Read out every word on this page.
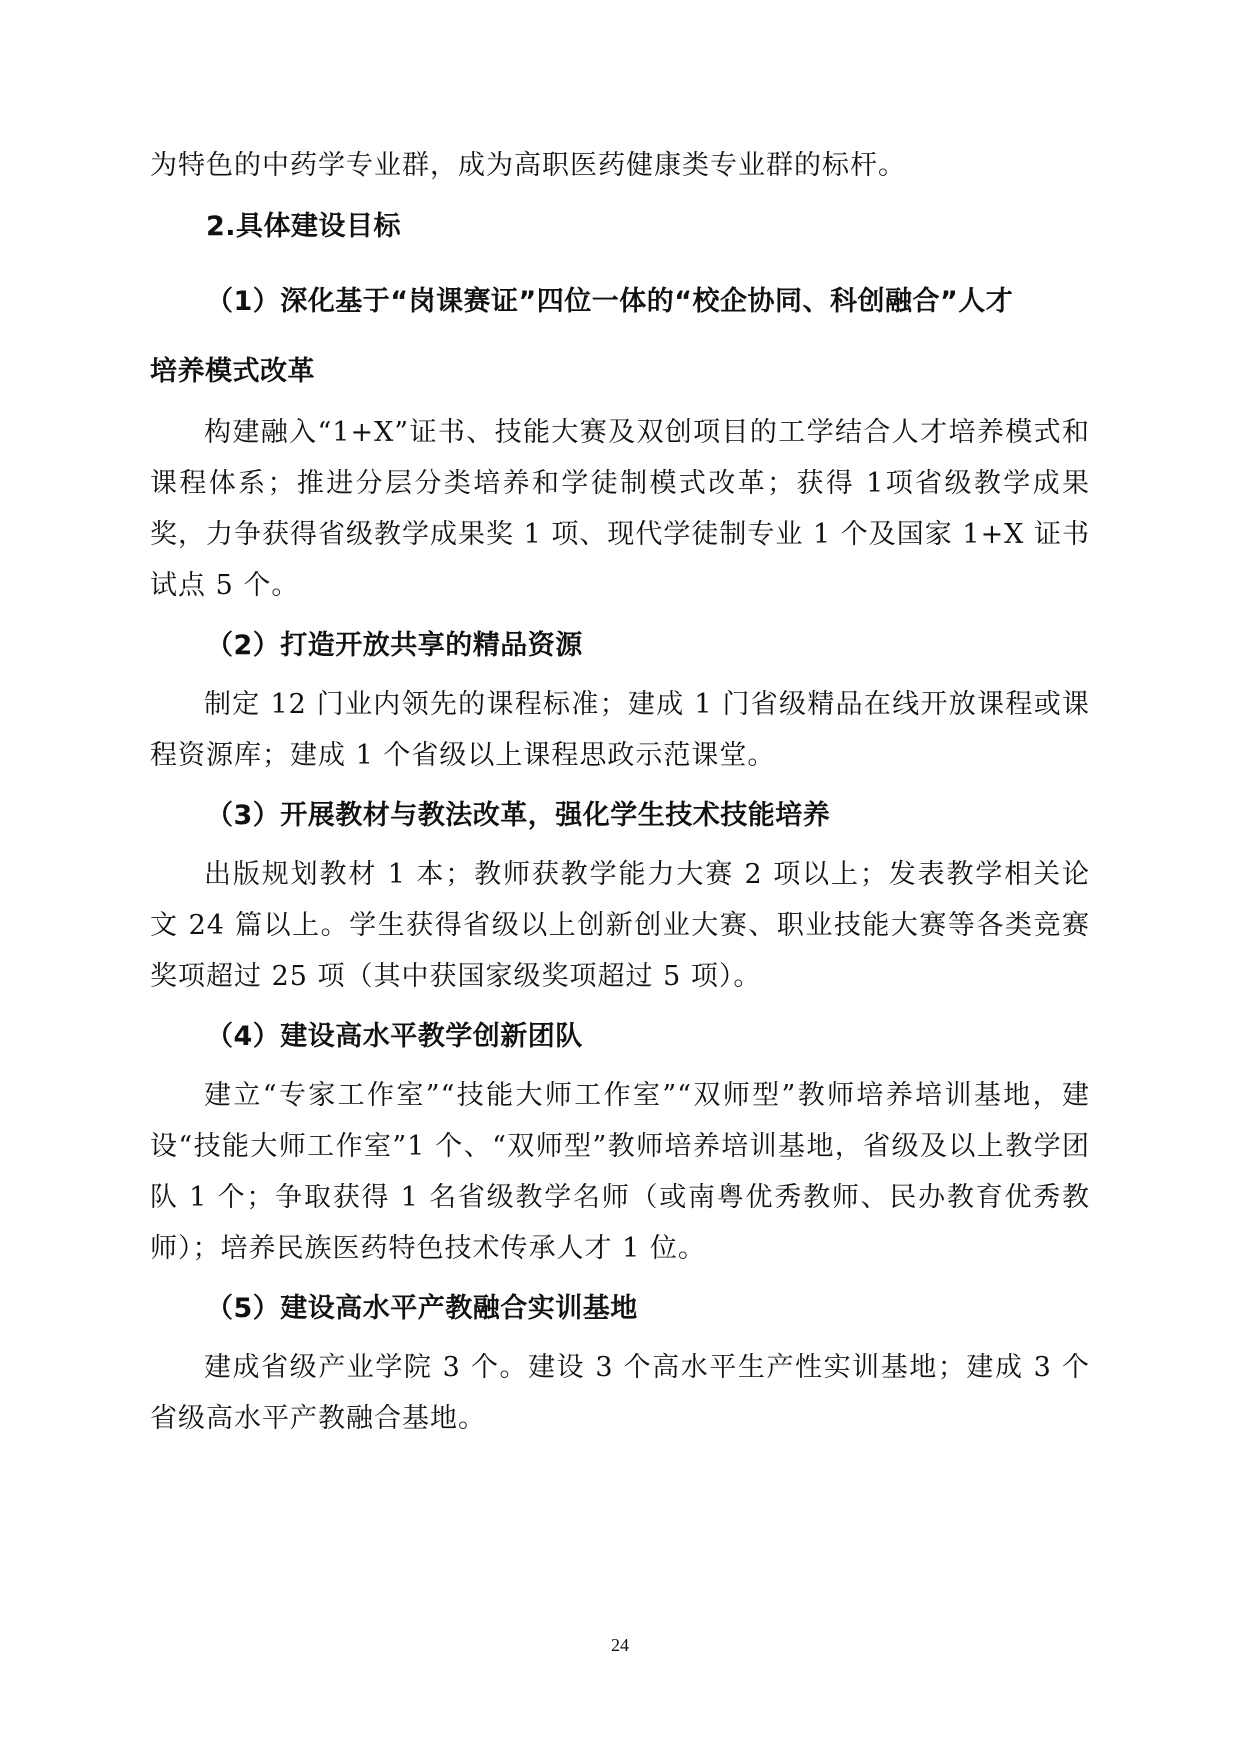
为特色的中药学专业群，成为高职医药健康类专业群的标杆。

2.具体建设目标

（1）深化基于“岗课赛证”四位一体的“校企协同、科创融合”人才
培养模式改革

构建融入“1+X”证书、技能大赛及双创项目的工学结合人才培养模式和课程体系；推进分层分类培养和学徒制模式改革；获得 1项省级教学成果奖，力争获得省级教学成果奖 1 项、现代学徒制专业 1 个及国家 1+X 证书试点 5 个。

（2）打造开放共享的精品资源

制定 12 门业内领先的课程标准；建成 1 门省级精品在线开放课程或课程资源库；建成 1 个省级以上课程思政示范课堂。

（3）开展教材与教法改革，强化学生技术技能培养

出版规划教材 1 本；教师获教学能力大赛 2 项以上；发表教学相关论文 24 篇以上。学生获得省级以上创新创业大赛、职业技能大赛等各类竞赛奖项超过 25 项（其中获国家级奖项超过 5 项）。

（4）建设高水平教学创新团队

建立“专家工作室”“技能大师工作室”“双师型”教师培养培训基地，建设“技能大师工作室”1 个、“双师型”教师培养培训基地，省级及以上教学团队 1 个；争取获得 1 名省级教学名师（或南粤优秀教师、民办教育优秀教师）；培养民族医药特色技术传承人才 1 位。

（5）建设高水平产教融合实训基地

建成省级产业学院 3 个。建设 3 个高水平生产性实训基地；建成 3 个省级高水平产教融合基地。

24
